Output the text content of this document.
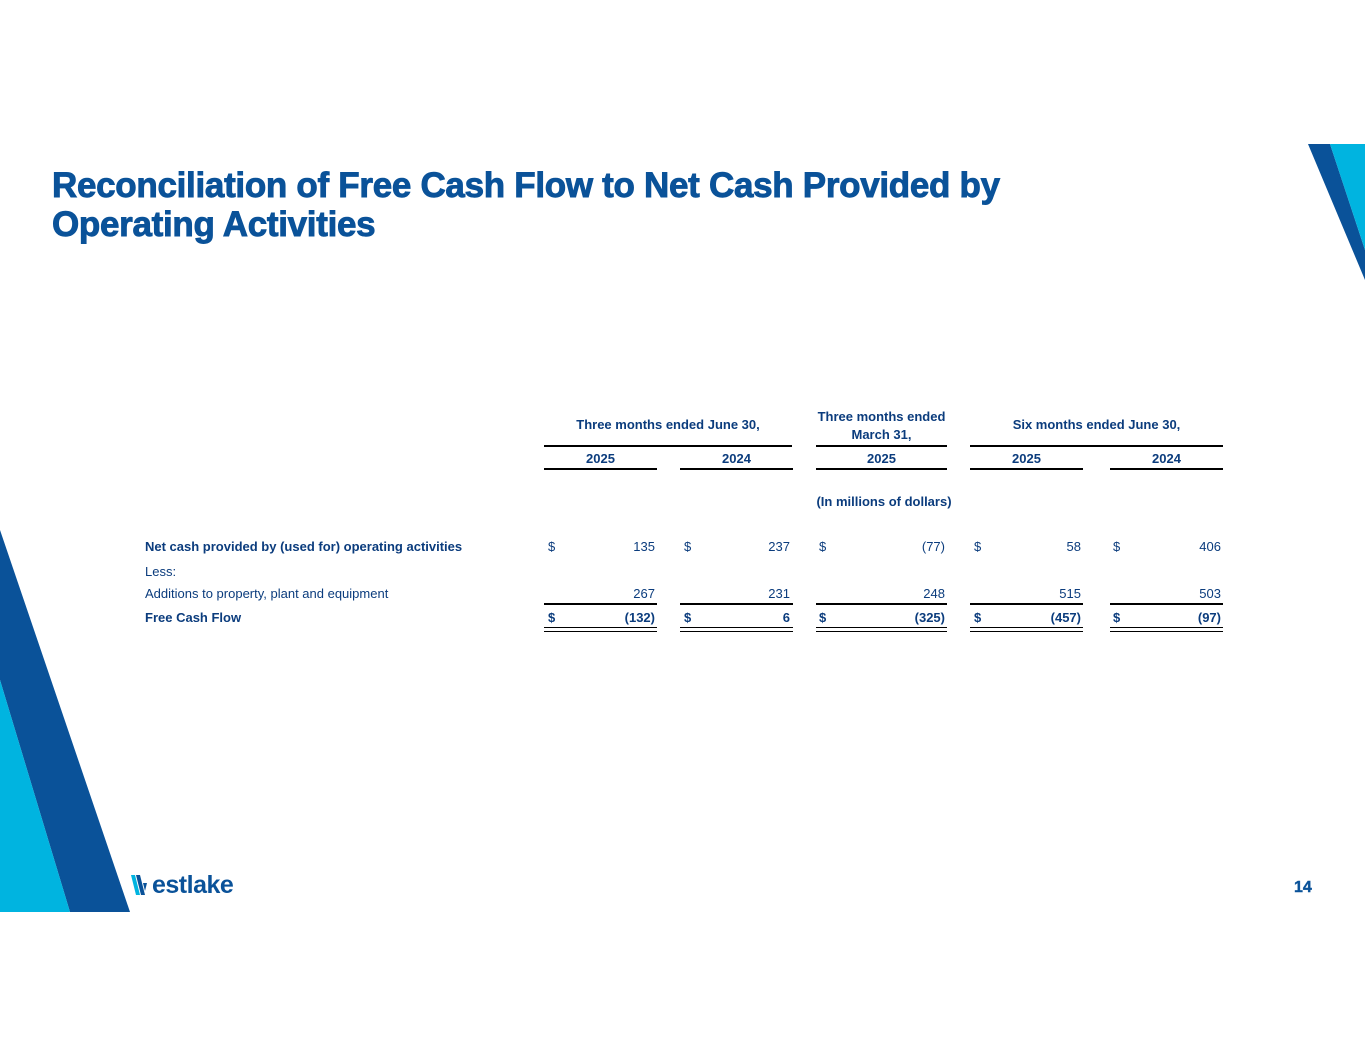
Reconciliation of Free Cash Flow to Net Cash Provided by
Operating Activities
Three months ended June 30,
Three months ended
March 31,
Six months ended June 30,
2025	2024	2025	2025	2024
(In millions of dollars)
Net cash provided by (used for) operating activities	$	135 $	237 $	(77) $	58 $	406
Less:
Additions to property, plant and equipment	267	231	248	515	503
Free Cash Flow	$	(132) $	6 $	(325) $	(457) $	(97)
estlake	14
